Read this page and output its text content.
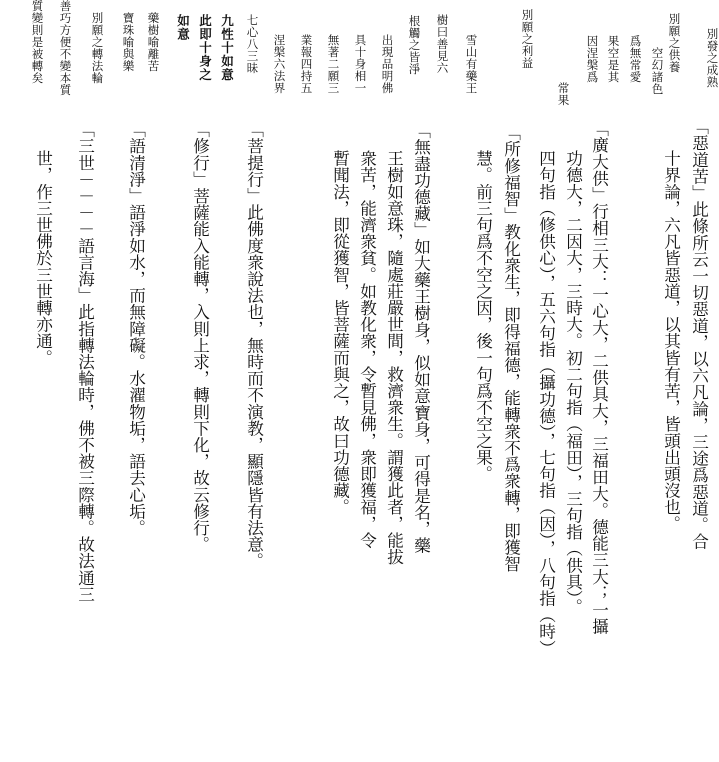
別發之成熟
別願之供養
空幻諸色
爲無常愛
果空是其
因涅槃爲
常果
別願之利益
雪山有藥王
樹曰善見六
根觸之皆淨
出現品明佛
具十身相一
無著二願三
業報四持五
涅槃六法界
七心八三昧
九性十如意
此即十身之
如意
藥樹喻離苦
寶珠喻與樂
別願之轉法輪
善巧方便不變本質
質變則是被轉矣
「惡道苦」此條所云一切惡道，以六凡論，三途爲惡道。合
十界論，六凡皆惡道，以其皆有苦，皆頭出頭沒也。
「廣大供」行相三大：一心大，二供具大，三福田大。德能三大；一攝
功德大，二因大，三時大。初二句指（福田），三句指（供具）。
四句指（修供心），五六句指（攝功德），七句指（因），八句指（時）
「所修福智」教化衆生，即得福德，能轉衆不爲衆轉，即獲智
慧。前三句爲不空之因，後一句爲不空之果。
「無盡功德藏」如大藥王樹身，似如意寶身，可得是名，藥
王樹如意珠，隨處莊嚴世間，救濟衆生。謂獲此者，能拔
衆苦，能濟衆貧。如教化衆，令暫見佛，衆即獲福，令
暫聞法，即從獲智，皆菩薩而與之，故曰功德藏。
「菩提行」此佛度衆說法也，無時而不演教，顯隱皆有法意。
「修行」菩薩能入能轉，入則上求，轉則下化，故云修行。
「語清淨」語淨如水，而無障礙。水濯物垢，語去心垢。
「三世－－－－語言海」此指轉法輪時，佛不被三際轉。故法通三
世，作三世佛於三世轉亦通。
